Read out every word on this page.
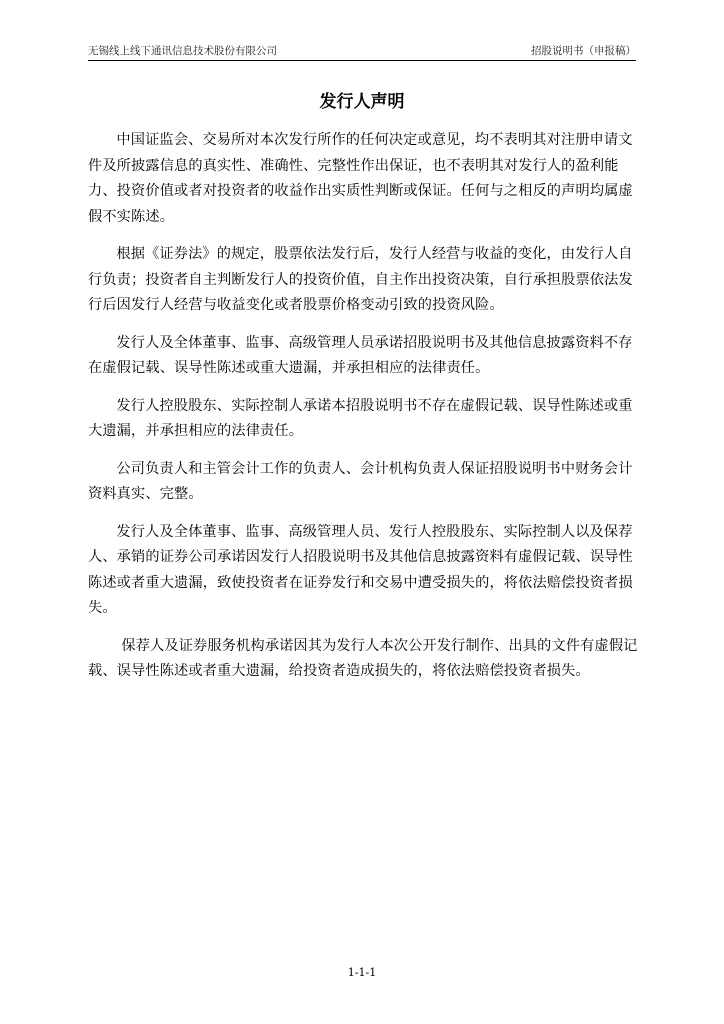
无锡线上线下通讯信息技术股份有限公司	招股说明书（申报稿）
发行人声明

中国证监会、交易所对本次发行所作的任何决定或意见，均不表明其对注册申请文件及所披露信息的真实性、准确性、完整性作出保证，也不表明其对发行人的盈利能力、投资价值或者对投资者的收益作出实质性判断或保证。任何与之相反的声明均属虚假不实陈述。

根据《证券法》的规定，股票依法发行后，发行人经营与收益的变化，由发行人自行负责；投资者自主判断发行人的投资价值，自主作出投资决策，自行承担股票依法发行后因发行人经营与收益变化或者股票价格变动引致的投资风险。

发行人及全体董事、监事、高级管理人员承诺招股说明书及其他信息披露资料不存在虚假记载、误导性陈述或重大遗漏，并承担相应的法律责任。

发行人控股股东、实际控制人承诺本招股说明书不存在虚假记载、误导性陈述或重大遗漏，并承担相应的法律责任。

公司负责人和主管会计工作的负责人、会计机构负责人保证招股说明书中财务会计资料真实、完整。

发行人及全体董事、监事、高级管理人员、发行人控股股东、实际控制人以及保荐人、承销的证券公司承诺因发行人招股说明书及其他信息披露资料有虚假记载、误导性陈述或者重大遗漏，致使投资者在证券发行和交易中遭受损失的，将依法赔偿投资者损失。

保荐人及证券服务机构承诺因其为发行人本次公开发行制作、出具的文件有虚假记载、误导性陈述或者重大遗漏，给投资者造成损失的，将依法赔偿投资者损失。

1-1-1
